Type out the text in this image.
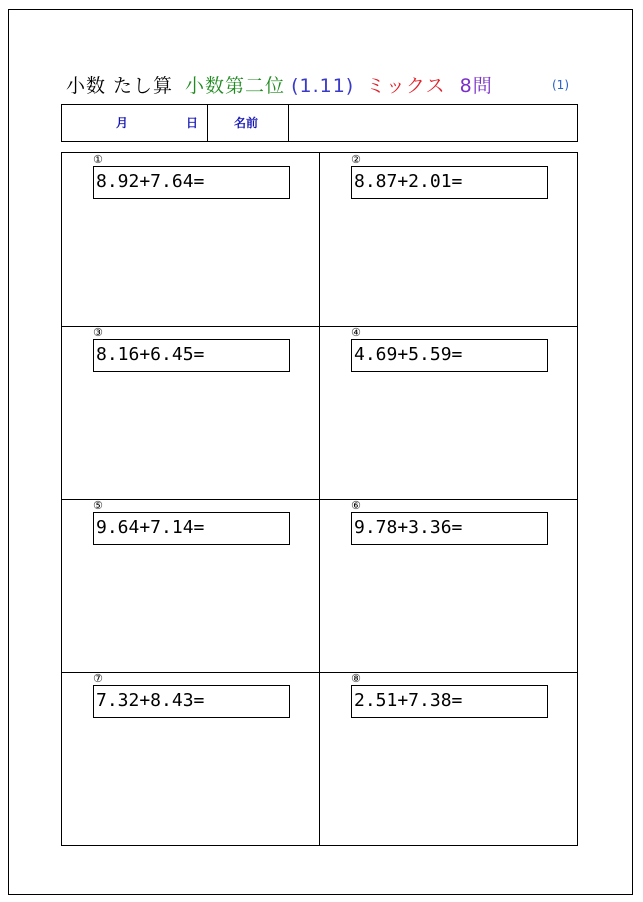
小数 たし算 小数第二位 (1.11) ミックス 8問	(1)
月	日	名前
①
8.92+7.64=
②
8.87+2.01=
③
8.16+6.45=
④
4.69+5.59=
⑤
9.64+7.14=
⑥
9.78+3.36=
⑦
7.32+8.43=
⑧
2.51+7.38=
